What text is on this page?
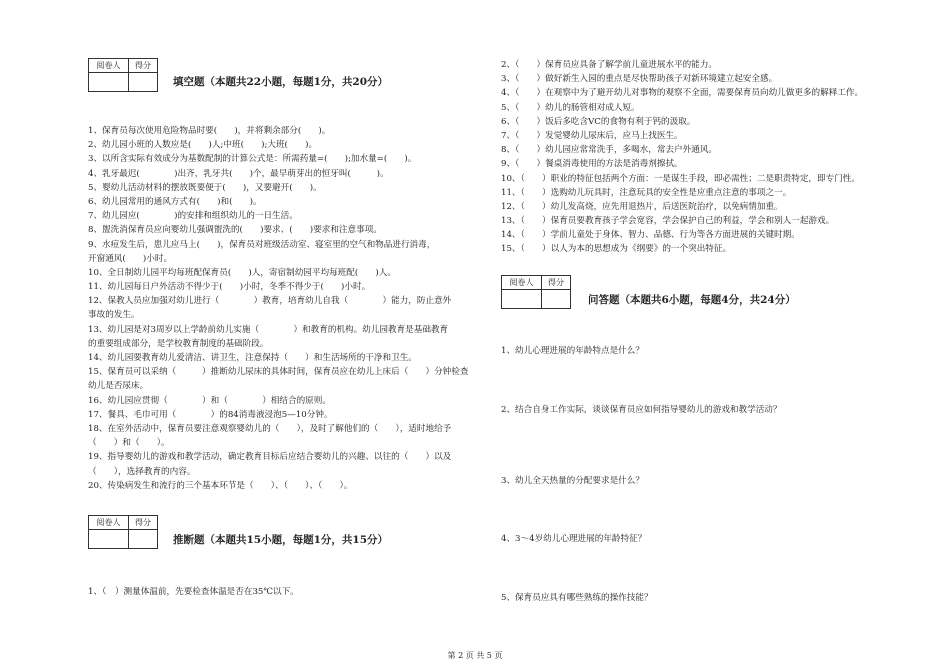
阅卷人	得分

填空题（本题共22小题，每题1分，共20分）
1、保育员每次使用危险物品时要(　　)，并将剩余部分(　　)。
2、幼儿园小班的人数应是(　　)人;中班(　　);大班(　　)。
3、以所含实际有效成分为基数配制的计算公式是：所需药量=(　　);加水量=(　　)。
4、乳牙最迟(　　　　)出齐，乳牙共(　　)个，最早萌芽出的恒牙叫(　　　)。
5、婴幼儿活动材料的摆放既要便于(　　)，又要避开(　　)。
6、幼儿园常用的通风方式有(　　)和(　　)。
7、幼儿园应(　　　　)的安排和组织幼儿的一日生活。
8、盥洗消保育员应向婴幼儿强调盥洗的(　　)要求、(　　)要求和注意事项。
9、水痘发生后，患儿应马上(　　)，保育员对班级活动室、寝室里的空气和物品进行消毒，
开窗通风(　　)小时。
10、全日制幼儿园平均每班配保育员(　　)人，寄宿制幼园平均每班配(　　)人。
11、幼儿园每日户外活动不得少于(　　)小时，冬季不得少于(　　)小时。
12、保教人员应加强对幼儿进行（　　　　）教育，培育幼儿自我（　　　　）能力，防止意外
事故的发生。
13、幼儿园是对3周岁以上学龄前幼儿实施（　　　　）和教育的机构。幼儿园教育是基础教育
的重要组成部分，是学校教育制度的基础阶段。
14、幼儿园要教育幼儿爱清洁、讲卫生，注意保持（　　）和生活场所的干净和卫生。
15、保育员可以采纳（　　　）推断幼儿尿床的具体时间，保育员应在幼儿上床后（　　）分钟检查
幼儿是否尿床。
16、幼儿园应贯彻（　　　　）和（　　　　）相结合的原则。
17、餐具、毛巾可用（　　　　）的84消毒液浸泡5—10分钟。
18、在室外活动中，保育员要注意观察婴幼儿的（　　），及时了解他们的（　　），适时地给予
（　　）和（　　）。
19、指导婴幼儿的游戏和教学活动，确定教育目标后应结合婴幼儿的兴趣、以往的（　　）以及
（　　），选择教育的内容。
20、传染病发生和流行的三个基本环节是（　　）、（　　）、（　　）。
阅卷人	得分

推断题（本题共15小题，每题1分，共15分）
1、（　）测量体温前，先要检查体温是否在35℃以下。
2、（　　）保育员应具备了解学前儿童进展水平的能力。
3、（　　）做好新生入园的重点是尽快帮助孩子对新环境建立起安全感。
4、（　　）在观察中为了避开幼儿对事物的观察不全面，需要保育员向幼儿做更多的解释工作。
5、（　　）幼儿的肠管相对成人短。
6、（　　）饭后多吃含VC的食物有利于钙的汲取。
7、（　　）发觉婴幼儿尿床后，应马上找医生。
8、（　　）幼儿园应常常洗手，多喝水，常去户外通风。
9、（　　）餐桌消毒使用的方法是消毒剂擦拭。
10、（　　）职业的特征包括两个方面：一是谋生手段，即必需性；二是职责特定，即专门性。
11、（　　）选购幼儿玩具时，注意玩具的安全性是应重点注意的事项之一。
12、（　　）幼儿发高烧，应先用退热片，后送医院治疗，以免病情加重。
13、（　　）保育员要教育孩子学会宽容，学会保护自己的利益，学会和别人一起游戏。
14、（　　）学前儿童处于身体、智力、品德、行为等各方面进展的关键时期。
15、（　　）以人为本的思想成为《纲要》的一个突出特征。
阅卷人	得分

问答题（本题共6小题，每题4分，共24分）
1、幼儿心理进展的年龄特点是什么？
2、结合自身工作实际，谈谈保育员应如何指导婴幼儿的游戏和教学活动？
3、幼儿全天热量的分配要求是什么？
4、3～4岁幼儿心理进展的年龄特征？
5、保育员应具有哪些熟练的操作技能？
第 2 页 共 5 页
